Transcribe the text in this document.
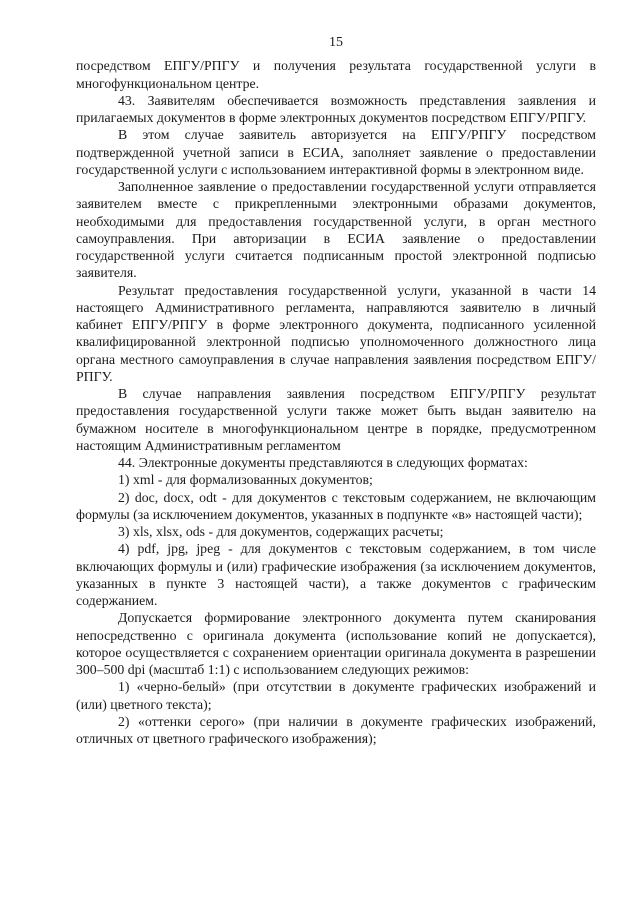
15

посредством ЕПГУ/РПГУ и получения результата государственной услуги в многофункциональном центре.

43. Заявителям обеспечивается возможность представления заявления и прилагаемых документов в форме электронных документов посредством ЕПГУ/РПГУ.

В этом случае заявитель авторизуется на ЕПГУ/РПГУ посредством подтвержденной учетной записи в ЕСИА, заполняет заявление о предоставлении государственной услуги с использованием интерактивной формы в электронном виде.

Заполненное заявление о предоставлении государственной услуги отправляется заявителем вместе с прикрепленными электронными образами документов, необходимыми для предоставления государственной услуги, в орган местного самоуправления. При авторизации в ЕСИА заявление о предоставлении государственной услуги считается подписанным простой электронной подписью заявителя.

Результат предоставления государственной услуги, указанной в части 14 настоящего Административного регламента, направляются заявителю в личный кабинет ЕПГУ/РПГУ в форме электронного документа, подписанного усиленной квалифицированной электронной подписью уполномоченного должностного лица органа местного самоуправления в случае направления заявления посредством ЕПГУ/РПГУ.

В случае направления заявления посредством ЕПГУ/РПГУ результат предоставления государственной услуги также может быть выдан заявителю на бумажном носителе в многофункциональном центре в порядке, предусмотренном настоящим Административным регламентом

44. Электронные документы представляются в следующих форматах:

1) xml - для формализованных документов;

2) doc, docx, odt - для документов с текстовым содержанием, не включающим формулы (за исключением документов, указанных в подпункте «в» настоящей части);

3) xls, xlsx, ods - для документов, содержащих расчеты;

4) pdf, jpg, jpeg - для документов с текстовым содержанием, в том числе включающих формулы и (или) графические изображения (за исключением документов, указанных в пункте 3 настоящей части), а также документов с графическим содержанием.

Допускается формирование электронного документа путем сканирования непосредственно с оригинала документа (использование копий не допускается), которое осуществляется с сохранением ориентации оригинала документа в разрешении 300–500 dpi (масштаб 1:1) с использованием следующих режимов:

1) «черно-белый» (при отсутствии в документе графических изображений и (или) цветного текста);

2) «оттенки серого» (при наличии в документе графических изображений, отличных от цветного графического изображения);
